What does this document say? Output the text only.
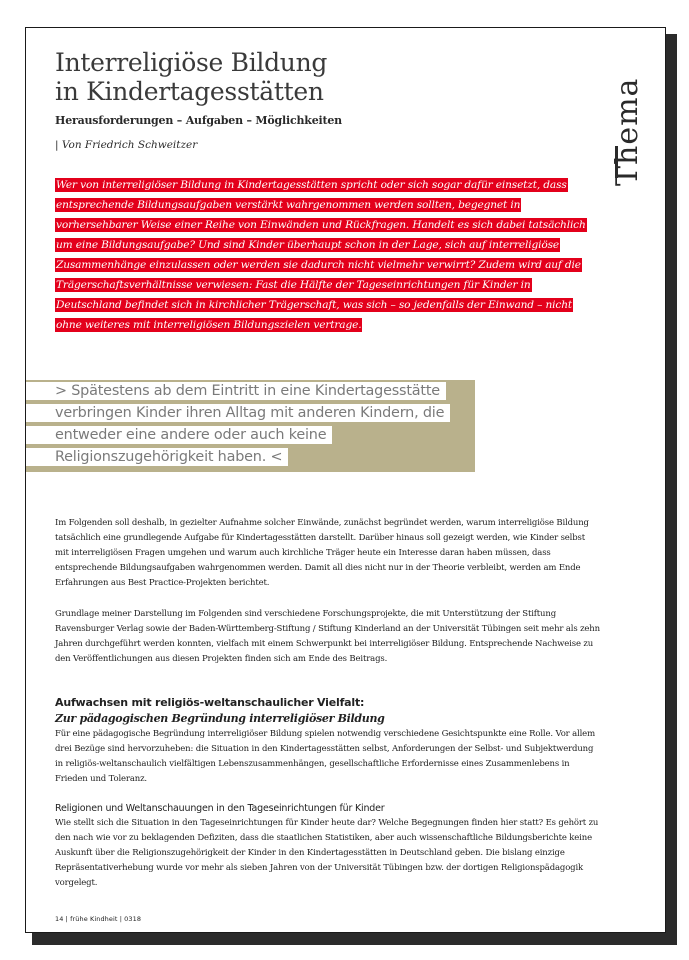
Interreligiöse Bildung
in Kindertagesstätten
Herausforderungen – Aufgaben – Möglichkeiten
| Von Friedrich Schweitzer	Thema
Wer von interreligiöser Bildung in Kindertagesstätten spricht oder sich sogar dafür einsetzt, dass entsprechende Bildungsaufgaben verstärkt wahrgenommen werden sollten, begegnet in vorhersehbarer Weise einer Reihe von Einwänden und Rückfragen. Handelt es sich dabei tatsächlich um eine Bildungsaufgabe? Und sind Kinder überhaupt schon in der Lage, sich auf interreligiöse Zusammenhänge einzulassen oder werden sie dadurch nicht vielmehr verwirrt? Zudem wird auf die Trägerschaftsverhältnisse verwiesen: Fast die Hälfte der Tageseinrichtungen für Kinder in Deutschland befindet sich in kirchlicher Trägerschaft, was sich – so jedenfalls der Einwand – nicht ohne weiteres mit interreligiösen Bildungszielen vertrage.
> Spätestens ab dem Eintritt in eine Kindertagesstätte verbringen Kinder ihren Alltag mit anderen Kindern, die entweder eine andere oder auch keine Religionszugehörigkeit haben. <

Im Folgenden soll deshalb, in gezielter Aufnahme solcher Einwände, zunächst begründet werden, warum interreligiöse Bildung tatsächlich eine grundlegende Aufgabe für Kindertagesstätten darstellt. Darüber hinaus soll gezeigt werden, wie Kinder selbst mit interreligiösen Fragen umgehen und warum auch kirchliche Träger heute ein Interesse daran haben müssen, dass entsprechende Bildungsaufgaben wahrgenommen werden. Damit all dies nicht nur in der Theorie verbleibt, werden am Ende Erfahrungen aus Best Practice-Projekten berichtet.

Grundlage meiner Darstellung im Folgenden sind verschiedene Forschungsprojekte, die mit Unterstützung der Stiftung Ravensburger Verlag sowie der Baden-Württemberg-Stiftung / Stiftung Kinderland an der Universität Tübingen seit mehr als zehn Jahren durchgeführt werden konnten, vielfach mit einem Schwerpunkt bei interreligiöser Bildung. Entsprechende Nachweise zu den Veröffentlichungen aus diesen Projekten finden sich am Ende des Beitrags.

Aufwachsen mit religiös-weltanschaulicher Vielfalt:

Zur pädagogischen Begründung interreligiöser Bildung

Für eine pädagogische Begründung interreligiöser Bildung spielen notwendig verschiedene Gesichtspunkte eine Rolle. Vor allem drei Bezüge sind hervorzuheben: die Situation in den Kindertagesstätten selbst, Anforderungen der Selbst- und Subjektwerdung in religiös-weltanschaulich vielfältigen Lebenszusammenhängen, gesellschaftliche Erfordernisse eines Zusammenlebens in Frieden und Toleranz.

Religionen und Weltanschauungen in den Tageseinrichtungen für Kinder

Wie stellt sich die Situation in den Tageseinrichtungen für Kinder heute dar? Welche Begegnungen finden hier statt? Es gehört zu den nach wie vor zu beklagenden Defiziten, dass die staatlichen Statistiken, aber auch wissenschaftliche Bildungsberichte keine Auskunft über die Religionszugehörigkeit der Kinder in den Kindertagesstätten in Deutschland geben. Die bislang einzige Repräsentativerhebung wurde vor mehr als sieben Jahren von der Universität Tübingen bzw. der dortigen Religionspädagogik vorgelegt.

14 | frühe Kindheit | 0318
